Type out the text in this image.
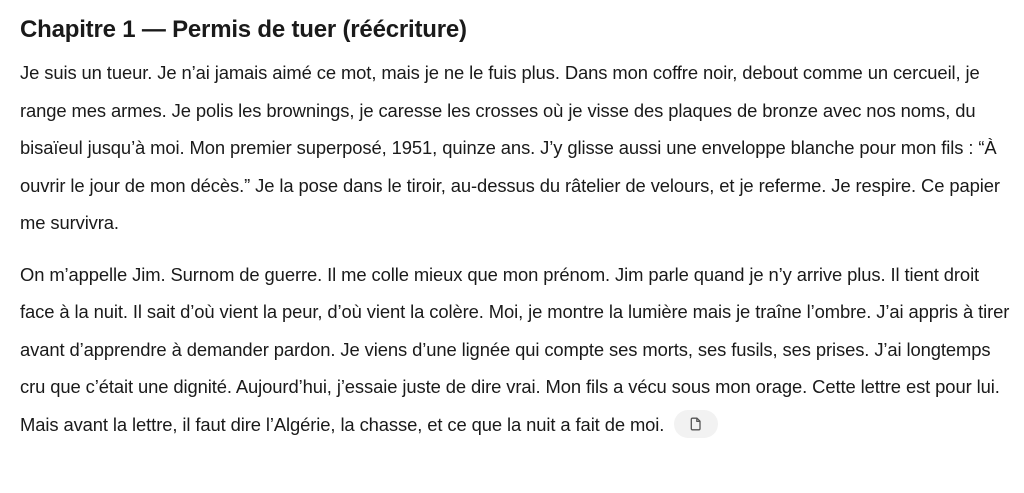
Chapitre 1 — Permis de tuer (réécriture)

Je suis un tueur. Je n’ai jamais aimé ce mot, mais je ne le fuis plus. Dans mon coffre noir, debout comme un cercueil, je range mes armes. Je polis les brownings, je caresse les crosses où je visse des plaques de bronze avec nos noms, du bisaïeul jusqu’à moi. Mon premier superposé, 1951, quinze ans. J’y glisse aussi une enveloppe blanche pour mon fils : “À ouvrir le jour de mon décès.” Je la pose dans le tiroir, au-dessus du râtelier de velours, et je referme. Je respire. Ce papier me survivra.

On m’appelle Jim. Surnom de guerre. Il me colle mieux que mon prénom. Jim parle quand je n’y arrive plus. Il tient droit face à la nuit. Il sait d’où vient la peur, d’où vient la colère. Moi, je montre la lumière mais je traîne l’ombre. J’ai appris à tirer avant d’apprendre à demander pardon. Je viens d’une lignée qui compte ses morts, ses fusils, ses prises. J’ai longtemps cru que c’était une dignité. Aujourd’hui, j’essaie juste de dire vrai. Mon fils a vécu sous mon orage. Cette lettre est pour lui. Mais avant la lettre, il faut dire l’Algérie, la chasse, et ce que la nuit a fait de moi.
